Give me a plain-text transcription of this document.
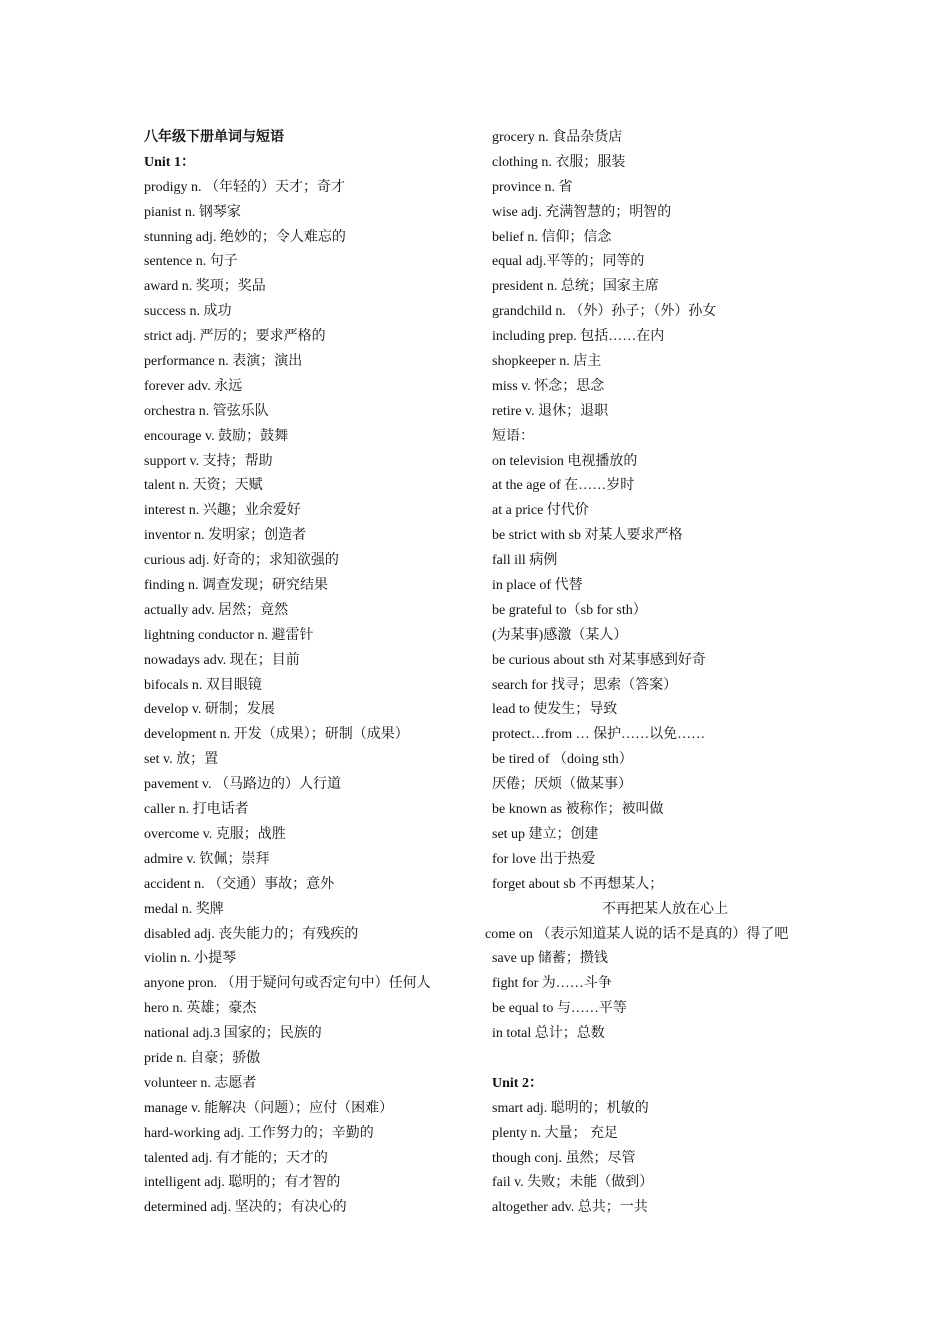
八年级下册单词与短语
Unit 1：
prodigy n. （年轻的）天才；奇才
pianist n. 钢琴家
stunning adj. 绝妙的；令人难忘的
sentence n. 句子
award n. 奖项；奖品
success n. 成功
strict adj. 严厉的；要求严格的
performance n. 表演；演出
forever adv. 永远
orchestra n. 管弦乐队
encourage v. 鼓励；鼓舞
support v. 支持；帮助
talent n. 天资；天赋
interest n. 兴趣；业余爱好
inventor n. 发明家；创造者
curious adj. 好奇的；求知欲强的
finding n. 调查发现；研究结果
actually adv. 居然；竟然
lightning conductor n. 避雷针
nowadays adv. 现在；目前
bifocals n. 双目眼镜
develop v. 研制；发展
development n. 开发（成果）；研制（成果）
set v. 放；置
pavement v. （马路边的）人行道
caller n. 打电话者
overcome v. 克服；战胜
admire v. 钦佩；崇拜
accident n. （交通）事故；意外
medal n. 奖牌
disabled adj. 丧失能力的；有残疾的
violin n. 小提琴
anyone pron. （用于疑问句或否定句中）任何人
hero n. 英雄；豪杰
national adj.3 国家的；民族的
pride n. 自豪；骄傲
volunteer n. 志愿者
manage v. 能解决（问题）；应付（困难）
hard-working adj. 工作努力的；辛勤的
talented adj. 有才能的；天才的
intelligent adj. 聪明的；有才智的
determined adj. 坚决的；有决心的
grocery n. 食品杂货店
clothing n. 衣服；服装
province n. 省
wise adj. 充满智慧的；明智的
belief n. 信仰；信念
equal adj.平等的；同等的
president n. 总统；国家主席
grandchild n. （外）孙子；（外）孙女
including prep. 包括……在内
shopkeeper n. 店主
miss v. 怀念；思念
retire v. 退休；退职
短语：
on television 电视播放的
at the age of 在……岁时
at a price 付代价
be strict with sb 对某人要求严格
fall ill 病例
in place of 代替
be grateful to（sb for sth）
(为某事)感激（某人）
be curious about sth 对某事感到好奇
search for 找寻；思索（答案）
lead to 使发生；导致
protect…from … 保护……以免……
be tired of （doing sth）
厌倦；厌烦（做某事）
be known as 被称作；被叫做
set up 建立；创建
for love 出于热爱
forget about sb 不再想某人；
不再把某人放在心上
come on （表示知道某人说的话不是真的）得了吧
save up 储蓄；攒钱
fight for 为……斗争
be equal to 与……平等
in total 总计；总数
Unit 2：
smart adj. 聪明的；机敏的
plenty n. 大量； 充足
though conj. 虽然；尽管
fail v. 失败；未能（做到）
altogether adv. 总共；一共
